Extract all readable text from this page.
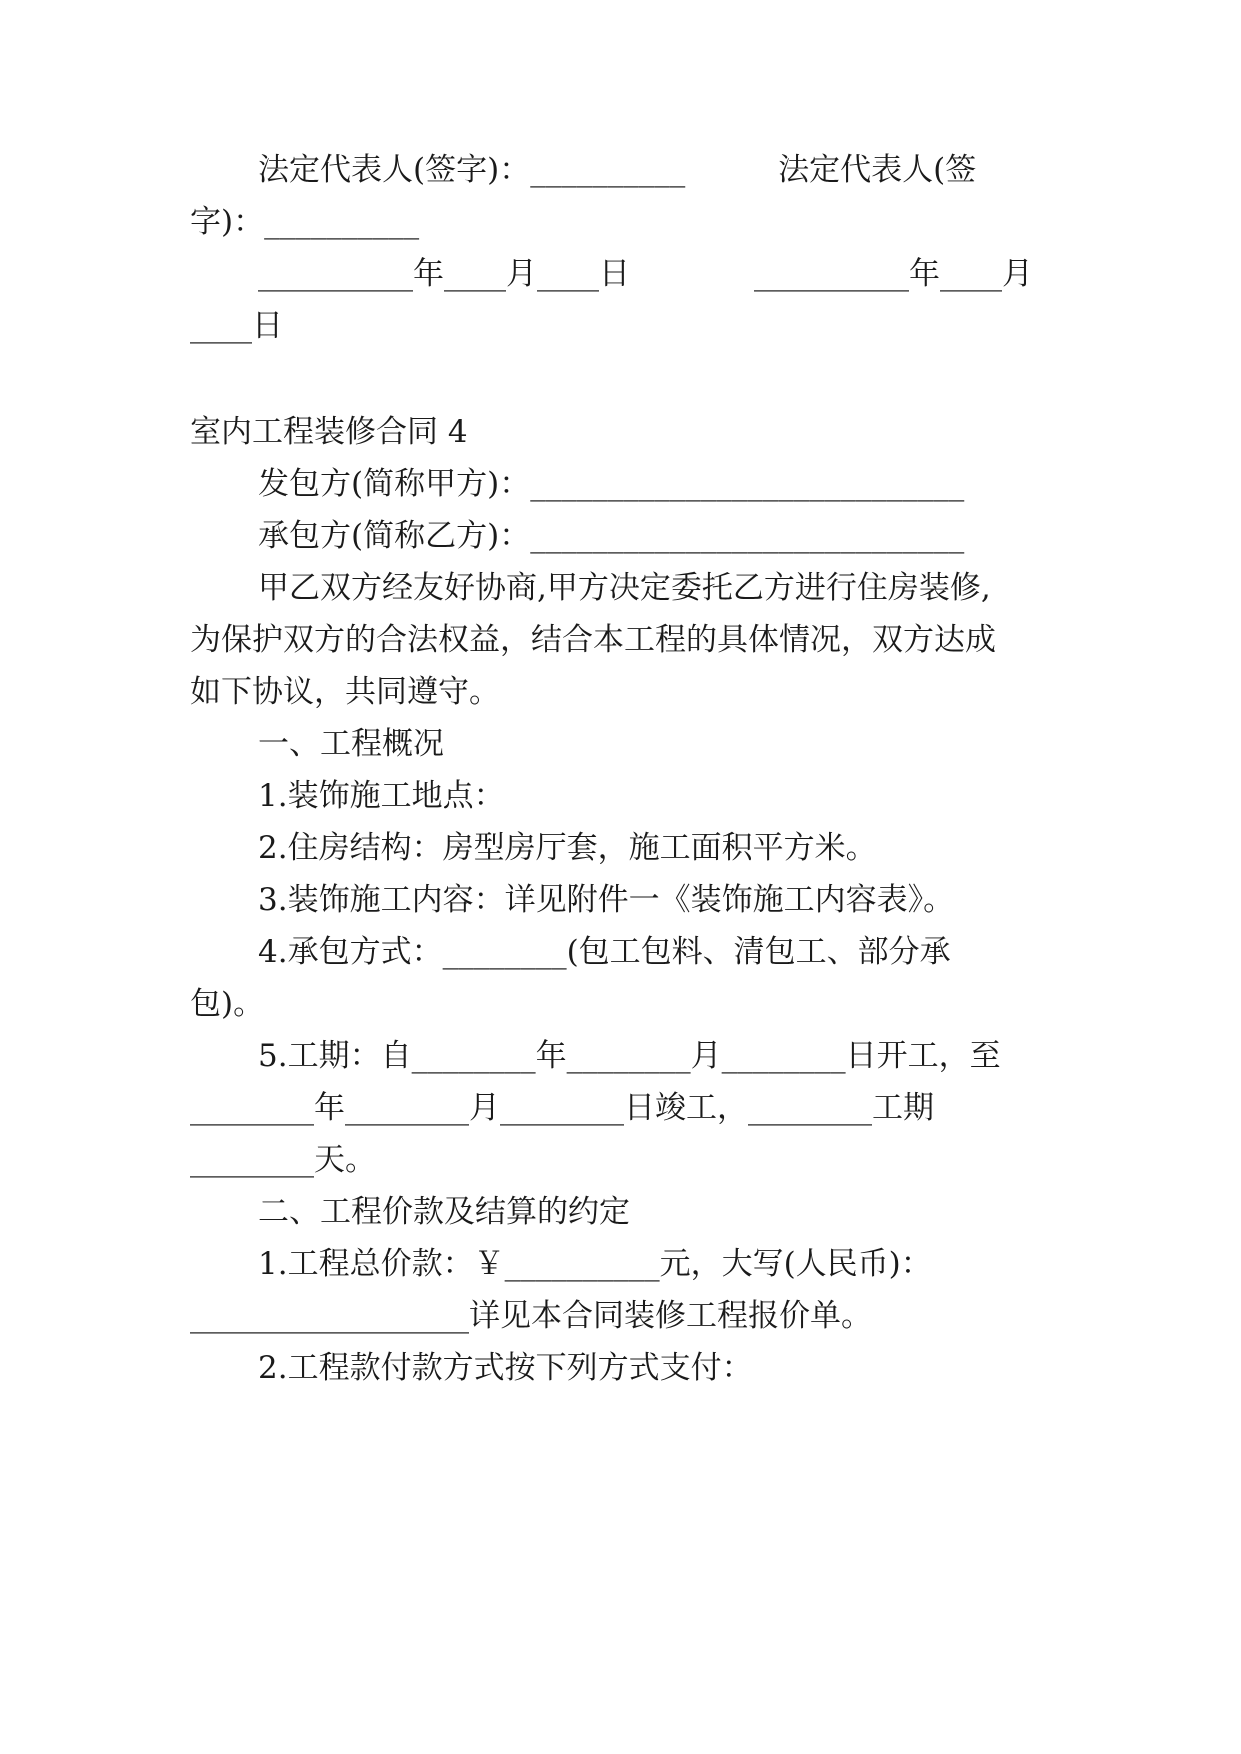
法定代表人(签字)：__________　　　法定代表人(签
字)：__________
__________年____月____日　　　　__________年____月
____日
室内工程装修合同 4
发包方(简称甲方)：____________________________
承包方(简称乙方)：____________________________
甲乙双方经友好协商,甲方决定委托乙方进行住房装修,
为保护双方的合法权益，结合本工程的具体情况，双方达成
如下协议，共同遵守。
一、工程概况
1.装饰施工地点：
2.住房结构：房型房厅套，施工面积平方米。
3.装饰施工内容：详见附件一《装饰施工内容表》。
4.承包方式：________(包工包料、清包工、部分承
包)。
5.工期：自________年________月________日开工，至
________年________月________日竣工，________工期
________天。
二、工程价款及结算的约定
1.工程总价款：￥__________元，大写(人民币)：
__________________详见本合同装修工程报价单。
2.工程款付款方式按下列方式支付：
